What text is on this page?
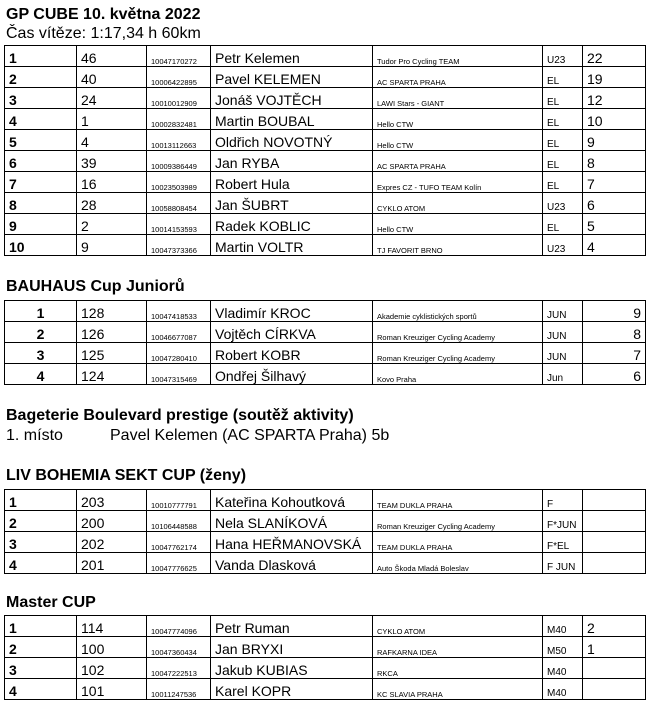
GP CUBE 10. května 2022
Čas vítěze: 1:17,34 h 60km
1	46	10047170272	Petr Kelemen	Tudor Pro Cycling TEAM	U23	22
2	40	10006422895	Pavel KELEMEN	AC SPARTA PRAHA	EL	19
3	24	10010012909	Jonáš VOJTĚCH	LAWI Stars - GIANT	EL	12
4	1	10002832481	Martin BOUBAL	Hello CTW	EL	10
5	4	10013112663	Oldřich NOVOTNÝ	Hello CTW	EL	9
6	39	10009386449	Jan RYBA	AC SPARTA PRAHA	EL	8
7	16	10023503989	Robert Hula	Expres CZ - TUFO TEAM Kolín	EL	7
8	28	10058808454	Jan ŠUBRT	CYKLO ATOM	U23	6
9	2	10014153593	Radek KOBLIC	Hello CTW	EL	5
10	9	10047373366	Martin VOLTR	TJ FAVORIT BRNO	U23	4
BAUHAUS Cup Juniorů
1	128	10047418533	Vladimír KROC	Akademie cyklistických sportů	JUN	9
2	126	10046677087	Vojtěch CÍRKVA	Roman Kreuziger Cycling Academy	JUN	8
3	125	10047280410	Robert KOBR	Roman Kreuziger Cycling Academy	JUN	7
4	124	10047315469	Ondřej Šilhavý	Kovo Praha	Jun	6
Bageterie Boulevard prestige (soutěž aktivity)
1. místo	Pavel Kelemen (AC SPARTA Praha) 5b
LIV BOHEMIA SEKT CUP (ženy)
1	203	10010777791	Kateřina Kohoutková	TEAM DUKLA PRAHA	F	
2	200	10106448588	Nela SLANÍKOVÁ	Roman Kreuziger Cycling Academy	F*JUN	
3	202	10047762174	Hana HEŘMANOVSKÁ	TEAM DUKLA PRAHA	F*EL	
4	201	10047776625	Vanda Dlasková	Auto Škoda Mladá Boleslav	F JUN	
Master CUP
1	114	10047774096	Petr Ruman	CYKLO ATOM	M40	2
2	100	10047360434	Jan BRYXI	RAFKARNA IDEA	M50	1
3	102	10047222513	Jakub KUBIAS	RKCA	M40	
4	101	10011247536	Karel KOPR	KC SLAVIA PRAHA	M40	
